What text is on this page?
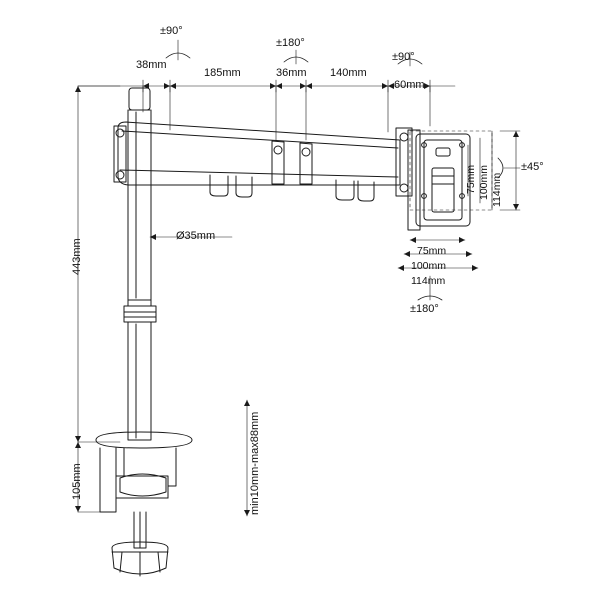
±90°
±180°
±90°
38mm
185mm	36mm 140mm
60mm
443mm
105mm	min10mm-max88mm
Ø35mm
75mm 100mm 114mm
±45°
75mm
100mm
114mm
±180°
